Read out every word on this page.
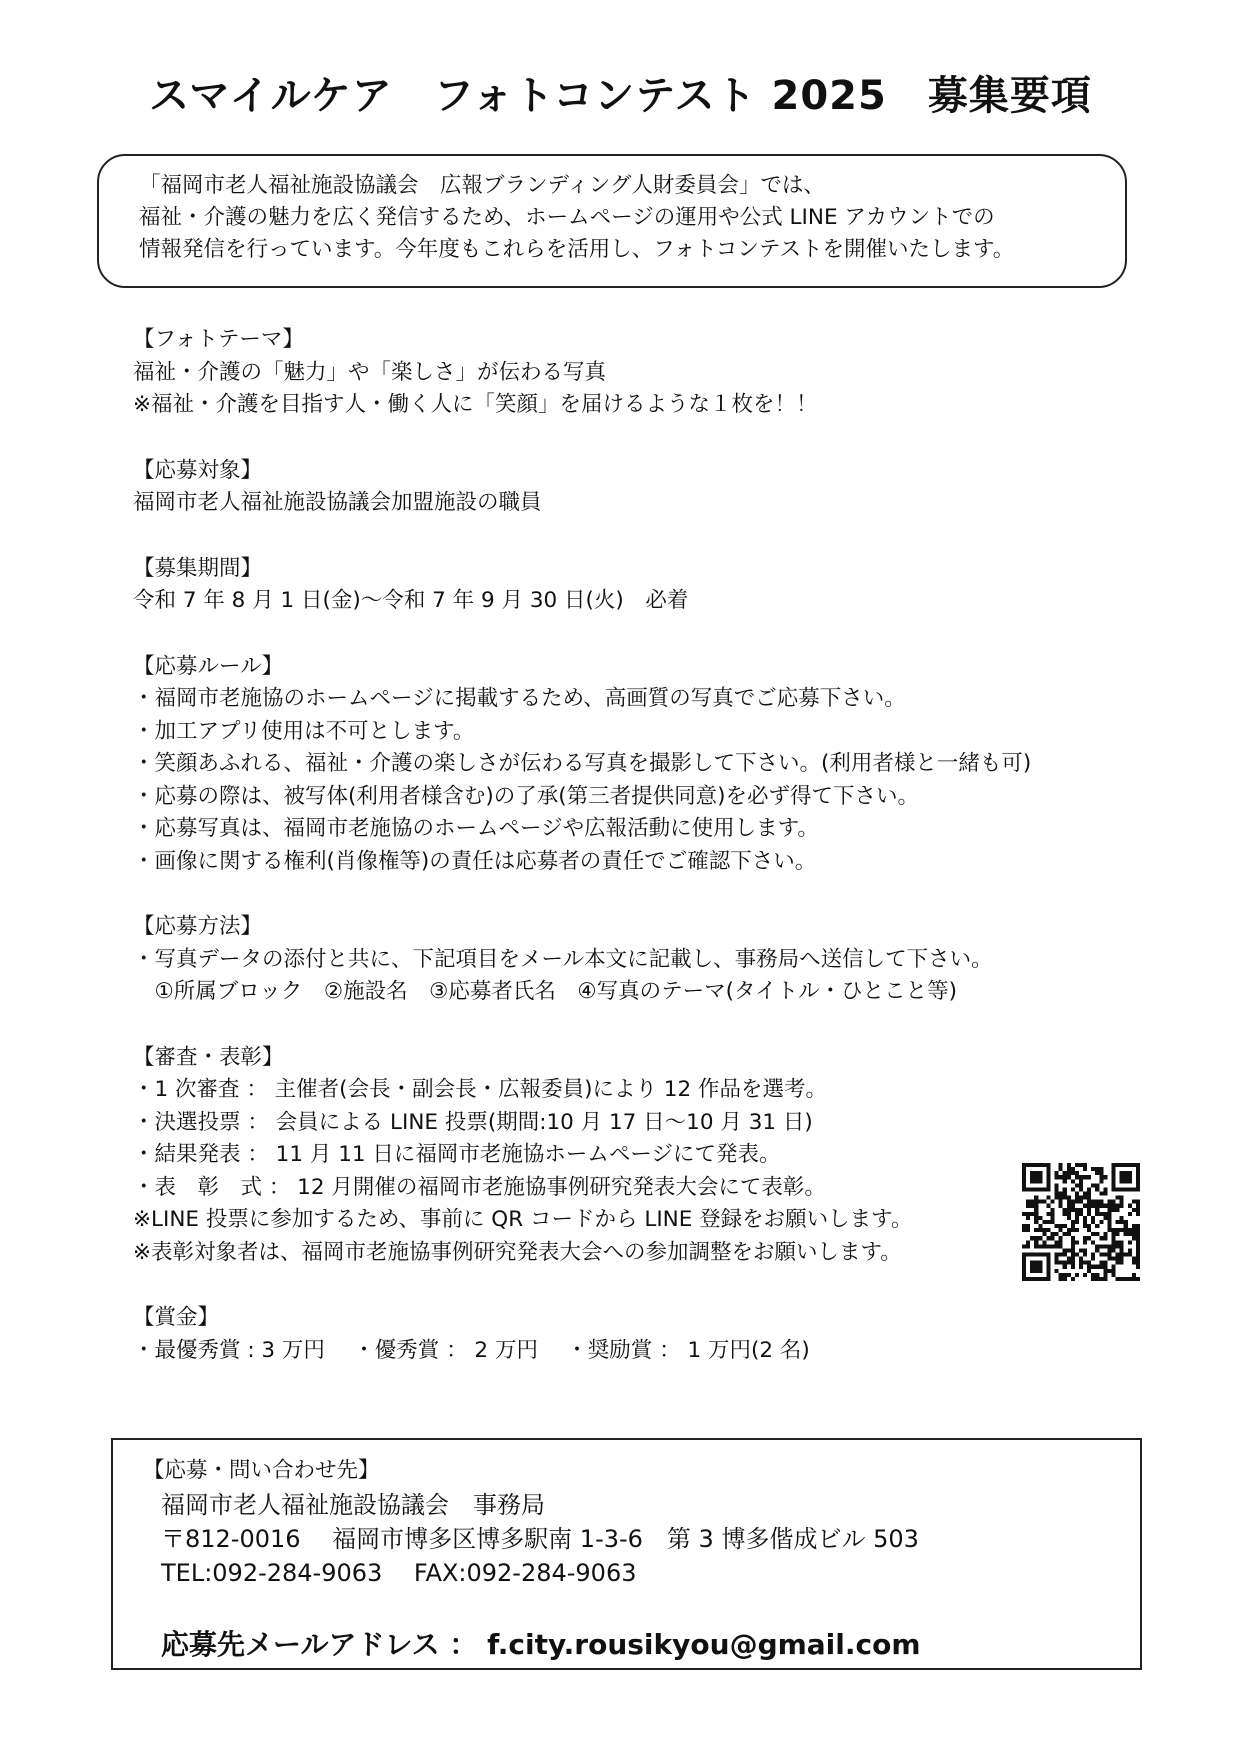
スマイルケア　フォトコンテスト 2025　募集要項

「福岡市老人福祉施設協議会　広報ブランディング人財委員会」では、

福祉・介護の魅力を広く発信するため、ホームページの運用や公式 LINE アカウントでの

情報発信を行っています。今年度もこれらを活用し、フォトコンテストを開催いたします。

【フォトテーマ】

福祉・介護の「魅力」や「楽しさ」が伝わる写真

※福祉・介護を目指す人・働く人に「笑顔」を届けるような１枚を！！

【応募対象】

福岡市老人福祉施設協議会加盟施設の職員

【募集期間】

令和 7 年 8 月 1 日(金)～令和 7 年 9 月 30 日(火)　必着

【応募ルール】

・福岡市老施協のホームページに掲載するため、高画質の写真でご応募下さい。

・加工アプリ使用は不可とします。

・笑顔あふれる、福祉・介護の楽しさが伝わる写真を撮影して下さい。(利用者様と一緒も可)

・応募の際は、被写体(利用者様含む)の了承(第三者提供同意)を必ず得て下さい。

・応募写真は、福岡市老施協のホームページや広報活動に使用します。

・画像に関する権利(肖像権等)の責任は応募者の責任でご確認下さい。

【応募方法】

・写真データの添付と共に、下記項目をメール本文に記載し、事務局へ送信して下さい。

　①所属ブロック　②施設名　③応募者氏名　④写真のテーマ(タイトル・ひとこと等)

【審査・表彰】

・1 次審査 ： 主催者(会長・副会長・広報委員)により 12 作品を選考。

・決選投票 ： 会員による LINE 投票(期間:10 月 17 日～10 月 31 日)

・結果発表 ： 11 月 11 日に福岡市老施協ホームページにて発表。

・表　彰　式 ： 12 月開催の福岡市老施協事例研究発表大会にて表彰。

※LINE 投票に参加するため、事前に QR コードから LINE 登録をお願いします。

※表彰対象者は、福岡市老施協事例研究発表大会への参加調整をお願いします。

【賞金】

・最優秀賞 : 3 万円　 ・優秀賞 ： 2 万円　 ・奨励賞 ： 1 万円(2 名)

【応募・問い合わせ先】

福岡市老人福祉施設協議会　事務局

〒812-0016　 福岡市博多区博多駅南 1-3-6　第 3 博多偕成ビル 503

TEL:092-284-9063　 FAX:092-284-9063

応募先メールアドレス ： f.city.rousikyou@gmail.com
